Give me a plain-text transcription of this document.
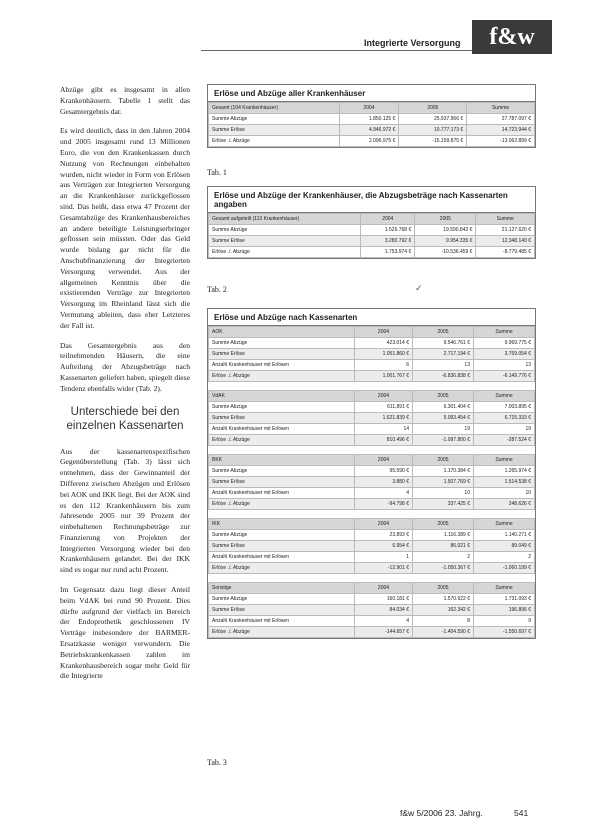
Integrierte Versorgung	f&w

Abzüge gibt es insgesamt in allen Krankenhäusern. Tabelle 1 stellt das Gesamtergebnis dar.

Es wird deutlich, dass in den Jahren 2004 und 2005 insgesamt rund 13 Millionen Euro, die von den Krankenkassen durch Nutzung von Rechnungen einbehalten wurden, nicht wieder in Form von Erlösen aus Verträgen zur Integrierten Versorgung an die Krankenhäuser zurückgeflossen sind. Das heißt, dass etwa 47 Prozent der Gesamtabzüge des Krankenhausbereiches an andere beteiligte Leistungserbringer geflossen sein müssten. Oder das Geld wurde bislang gar nicht für die Anschubfinanzierung der Integrierten Versorgung verwendet. Aus der allgemeinen Kenntnis über die existierenden Verträge zur Integrierten Versorgung im Rheinland lässt sich die Vermutung ableiten, dass eher Letzteres der Fall ist.

Das Gesamtergebnis aus den teilnehmenden Häusern, die eine Aufteilung der Abzugsbeträge nach Kassenarten geliefert haben, spiegelt diese Tendenz ebenfalls wider (Tab. 2).

Unterschiede bei den einzelnen Kassenarten

Aus der kassenartenspezifischen Gegenüberstellung (Tab. 3) lässt sich entnehmen, dass der Gewinnanteil der Differenz zwischen Abzügen und Erlösen bei AOK und IKK liegt. Bei der AOK sind es den 112 Krankenhäusern bis zum Jahresende 2005 nur 39 Prozent der einbehaltenen Rechnungsbeträge zur Finanzierung von Projekten der Integrierten Versorgung wieder bei den Krankenhäusern gelandet. Bei der IKK sind es sogar nur rund acht Prozent.

Im Gegensatz dazu liegt dieser Anteil beim VdAK bei rund 90 Prozent. Dies dürfte aufgrund der vielfach im Bereich der Endoprothetik geschlossenen IV Verträge insbesondere der BARMER-Ersatzkasse weniger verwundern. Die Betriebskrankenkassen zahlen im Krankenhausbereich sogar mehr Geld für die Integrierte

Erlöse und Abzüge aller Krankenhäuser
Gesamt (104 Krankenhäuser)	2004	2005	Summe
Summe Abzüge	1.850.125 €	25.937.966 €	27.787.097 €
Summe Erlöse	4.946.972 €	10.777.173 €	14.723.944 €
Erlöse ./. Abzüge	2.096.975 €	-15.159.875 €	-13.062.899 €
Tab. 1
Erlöse und Abzüge der Krankenhäuser, die Abzugsbeträge nach Kassenarten angaben
Gesamt aufgeteilt (113 Krankenhäuser)	2004	2005	Summe
Summe Abzüge	1.526.768 €	19.590.842 €	21.127.620 €
Summe Erlöse	3.280.792 €	9.954.335 €	12.348.140 €
Erlöse ./. Abzüge	1.753.974 €	-10.536.459 €	-8.779.485 €
Tab. 2	✓
Erlöse und Abzüge nach Kassenarten
AOK	2004	2005	Summe
Summe Abzüge	423.014 €	9.546.761 €	9.969.775 €
Summe Erlöse	1.051.860 €	2.717.194 €	3.769.054 €
Anzahl Krankenhäuser mit Erlösen	6	13	13
Erlöse ./. Abzüge	1.001.767 €	-6.836.838 €	-6.149.776 €

VdAK	2004	2005	Summe
Summe Abzüge	611.891 €	6.301.404 €	7.003.895 €
Summe Erlöse	1.621.839 €	5.093.454 €	6.715.333 €
Anzahl Krankenhäuser mit Erlösen	14	19	19
Erlöse ./. Abzüge	810.496 €	-1.097.800 €	-287.524 €

BKK	2004	2005	Summe
Summe Abzüge	95.590 €	1.170.384 €	1.265.974 €
Summe Erlöse	3.880 €	1.507.769 €	1.514.538 €
Anzahl Krankenhäuser mit Erlösen	4	10	10
Erlöse ./. Abzüge	-94.798 €	337.425 €	248.626 €

IKK	2004	2005	Summe
Summe Abzüge	23.893 €	1.116.389 €	1.140.271 €
Summe Erlöse	6.954 €	86.021 €	89.049 €
Anzahl Krankenhäuser mit Erlösen	1	2	2
Erlöse ./. Abzüge	-12.901 €	-1.050.367 €	-1.060.199 €

Sonstige	2004	2005	Summe
Summe Abzüge	160.181 €	1.570.922 €	1.731.093 €
Summe Erlöse	84.034 €	162.342 €	196.896 €
Anzahl Krankenhäuser mit Erlösen	4	8	9
Erlöse ./. Abzüge	-144.657 €	-1.404.590 €	-1.550.697 €
Tab. 3
f&w 5/2006 23. Jahrg.	541
